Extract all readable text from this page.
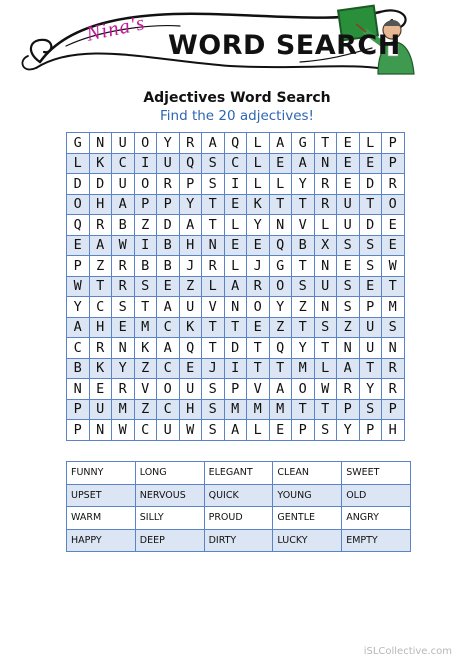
Nina's WORD SEARCH
Adjectives Word Search
Find the 20 adjectives!
G	N	U	O	Y	R	A	Q	L	A	G	T	E	L	P
L	K	C	I	U	Q	S	C	L	E	A	N	E	E	P
D	D	U	O	R	P	S	I	L	L	Y	R	E	D	R
O	H	A	P	P	Y	T	E	K	T	T	R	U	T	O
Q	R	B	Z	D	A	T	L	Y	N	V	L	U	D	E
E	A	W	I	B	H	N	E	E	Q	B	X	S	S	E
P	Z	R	B	B	J	R	L	J	G	T	N	E	S	W
W	T	R	S	E	Z	L	A	R	O	S	U	S	E	T
Y	C	S	T	A	U	V	N	O	Y	Z	N	S	P	M
A	H	E	M	C	K	T	T	E	Z	T	S	Z	U	S
C	R	N	K	A	Q	T	D	T	Q	Y	T	N	U	N
B	K	Y	Z	C	E	J	I	T	T	M	L	A	T	R
N	E	R	V	O	U	S	P	V	A	O	W	R	Y	R
P	U	M	Z	C	H	S	M	M	M	T	T	P	S	P
P	N	W	C	U	W	S	A	L	E	P	S	Y	P	H
FUNNY	LONG	ELEGANT	CLEAN	SWEET
UPSET	NERVOUS	QUICK	YOUNG	OLD
WARM	SILLY	PROUD	GENTLE	ANGRY
HAPPY	DEEP	DIRTY	LUCKY	EMPTY
iSLCollective.com
